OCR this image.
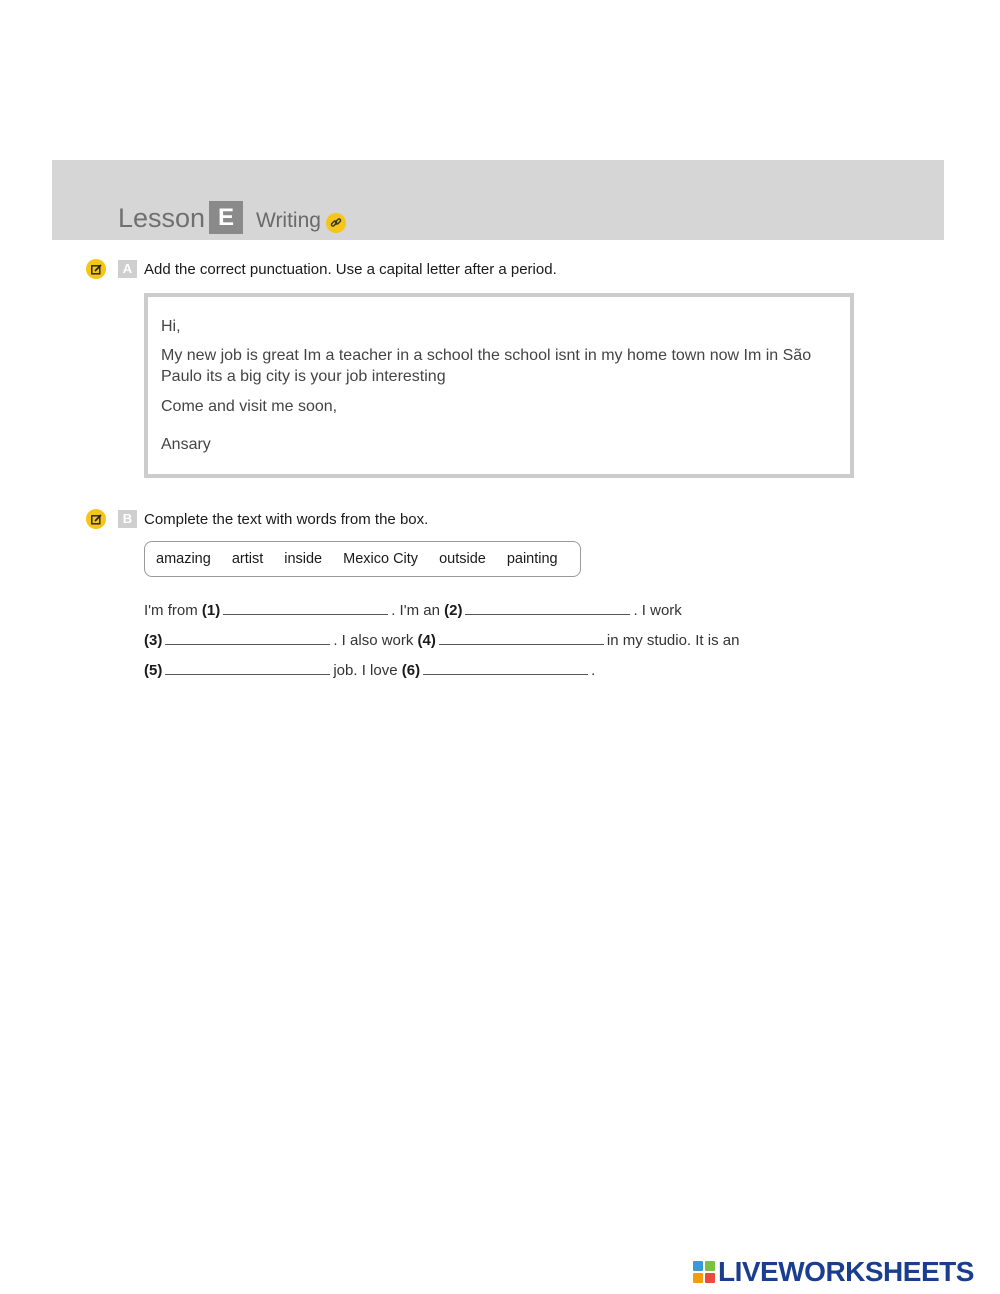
Lesson E	Writing
A Add the correct punctuation. Use a capital letter after a period.
Hi,
My new job is great Im a teacher in a school the school isnt in my home town now Im in São Paulo its a big city is your job interesting
Come and visit me soon,
Ansary
B Complete the text with words from the box.
amazing artist inside Mexico City outside painting
I'm from (1)	. I'm an (2)	. I work
(3)	. I also work (4)	in my studio. It is an
(5)	job. I love (6)	.
LIVEWORKSHEETS
